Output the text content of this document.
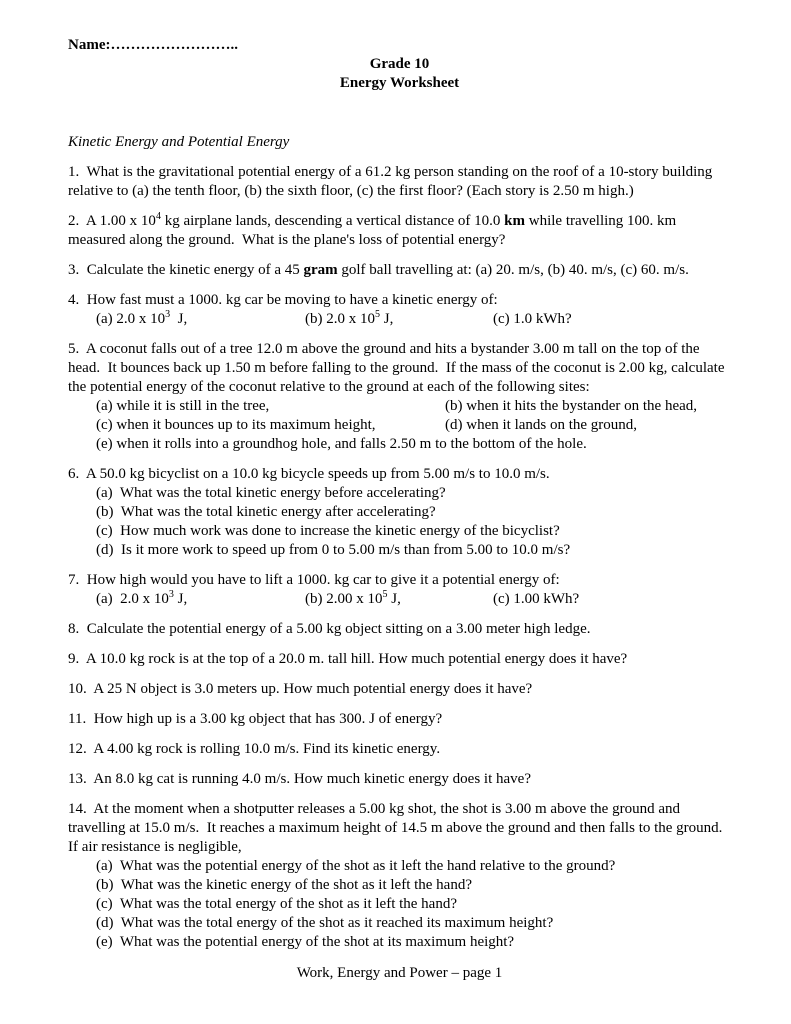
Name:……………………..
Grade 10
Energy Worksheet
Kinetic Energy and Potential Energy

1.  What is the gravitational potential energy of a 61.2 kg person standing on the roof of a 10-story building relative to (a) the tenth floor, (b) the sixth floor, (c) the first floor? (Each story is 2.50 m high.)

2.  A 1.00 x $10^4$ kg airplane lands, descending a vertical distance of 10.0 km while travelling 100. km measured along the ground.  What is the plane's loss of potential energy?

3.  Calculate the kinetic energy of a 45 gram golf ball travelling at: (a) 20. m/s, (b) 40. m/s, (c) 60. m/s.

4.  How fast must a 1000. kg car be moving to have a kinetic energy of:

(a) 2.0 x $10^3$  J,	(b) 2.0 x $10^5$ J,	(c) 1.0 kWh?

5.  A coconut falls out of a tree 12.0 m above the ground and hits a bystander 3.00 m tall on the top of the head.  It bounces back up 1.50 m before falling to the ground.  If the mass of the coconut is 2.00 kg, calculate the potential energy of the coconut relative to the ground at each of the following sites:

(a) while it is still in the tree,	(b) when it hits the bystander on the head,
(c) when it bounces up to its maximum height,	(d) when it lands on the ground,
(e) when it rolls into a groundhog hole, and falls 2.50 m to the bottom of the hole.

6.  A 50.0 kg bicyclist on a 10.0 kg bicycle speeds up from 5.00 m/s to 10.0 m/s.

(a)  What was the total kinetic energy before accelerating?
(b)  What was the total kinetic energy after accelerating?
(c)  How much work was done to increase the kinetic energy of the bicyclist?
(d)  Is it more work to speed up from 0 to 5.00 m/s than from 5.00 to 10.0 m/s?

7.  How high would you have to lift a 1000. kg car to give it a potential energy of:

(a)  2.0 x $10^3$ J,	(b) 2.00 x $10^5$ J,	(c) 1.00 kWh?

8.  Calculate the potential energy of a 5.00 kg object sitting on a 3.00 meter high ledge.

9.  A 10.0 kg rock is at the top of a 20.0 m. tall hill. How much potential energy does it have?

10.  A 25 N object is 3.0 meters up. How much potential energy does it have?

11.  How high up is a 3.00 kg object that has 300. J of energy?

12.  A 4.00 kg rock is rolling 10.0 m/s. Find its kinetic energy.

13.  An 8.0 kg cat is running 4.0 m/s. How much kinetic energy does it have?

14.  At the moment when a shotputter releases a 5.00 kg shot, the shot is 3.00 m above the ground and travelling at 15.0 m/s.  It reaches a maximum height of 14.5 m above the ground and then falls to the ground.  If air resistance is negligible,

(a)  What was the potential energy of the shot as it left the hand relative to the ground?
(b)  What was the kinetic energy of the shot as it left the hand?
(c)  What was the total energy of the shot as it left the hand?
(d)  What was the total energy of the shot as it reached its maximum height?
(e)  What was the potential energy of the shot at its maximum height?
Work, Energy and Power – page 1
